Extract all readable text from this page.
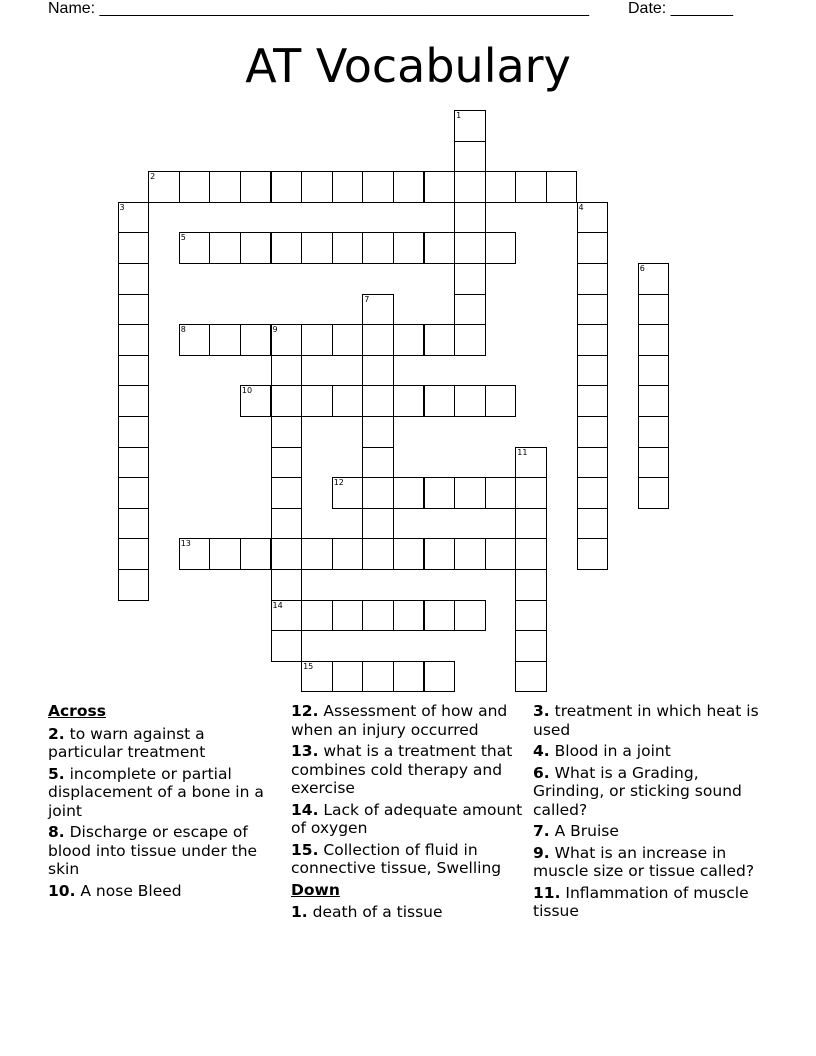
Name: _______________________________________________________ Date: _______
AT Vocabulary
1
2
3	4
5
6
7
8	9
14
10
11
12
13
15
Across
2. to warn against a particular treatment
5. incomplete or partial displacement of a bone in a joint
8. Discharge or escape of blood into tissue under the skin
10. A nose Bleed
12. Assessment of how and when an injury occurred
13. what is a treatment that combines cold therapy and exercise
14. Lack of adequate amount of oxygen
15. Collection of fluid in connective tissue, Swelling
Down
1. death of a tissue
3. treatment in which heat is used
4. Blood in a joint
6. What is a Grading, Grinding, or sticking sound called?
7. A Bruise
9. What is an increase in muscle size or tissue called?
11. Inflammation of muscle tissue
